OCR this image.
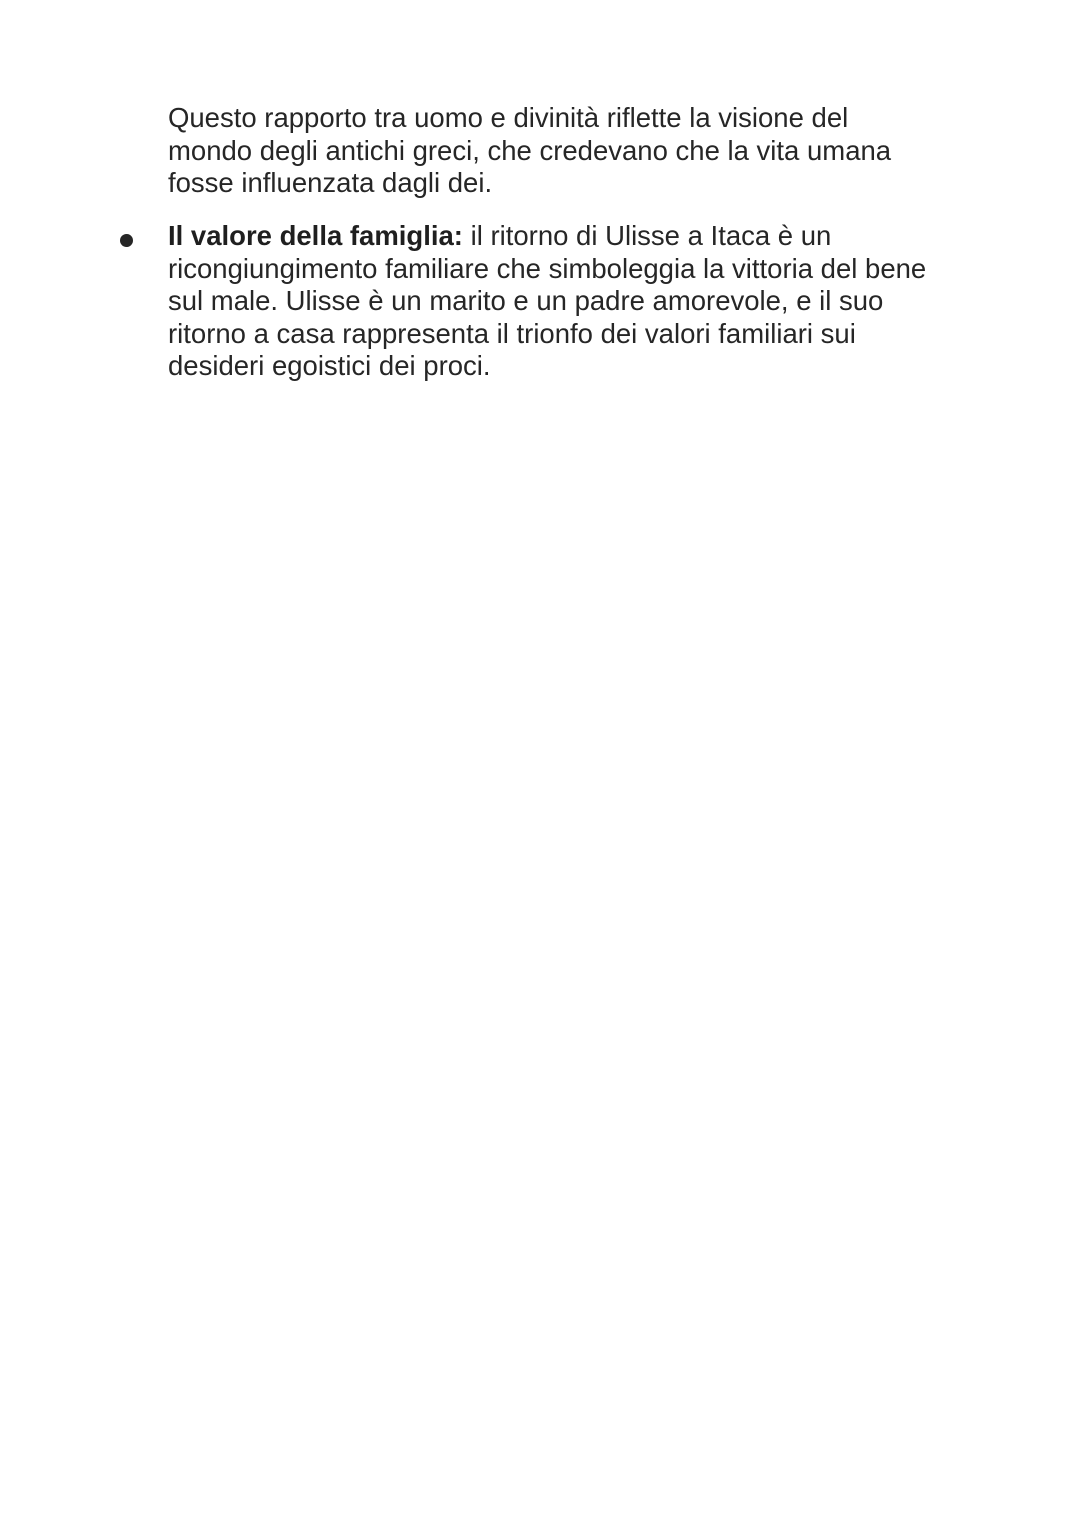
Questo rapporto tra uomo e divinità riflette la visione del
mondo degli antichi greci, che credevano che la vita umana
fosse influenzata dagli dei.
Il valore della famiglia: il ritorno di Ulisse a Itaca è un
ricongiungimento familiare che simboleggia la vittoria del bene
sul male. Ulisse è un marito e un padre amorevole, e il suo
ritorno a casa rappresenta il trionfo dei valori familiari sui
desideri egoistici dei proci.
